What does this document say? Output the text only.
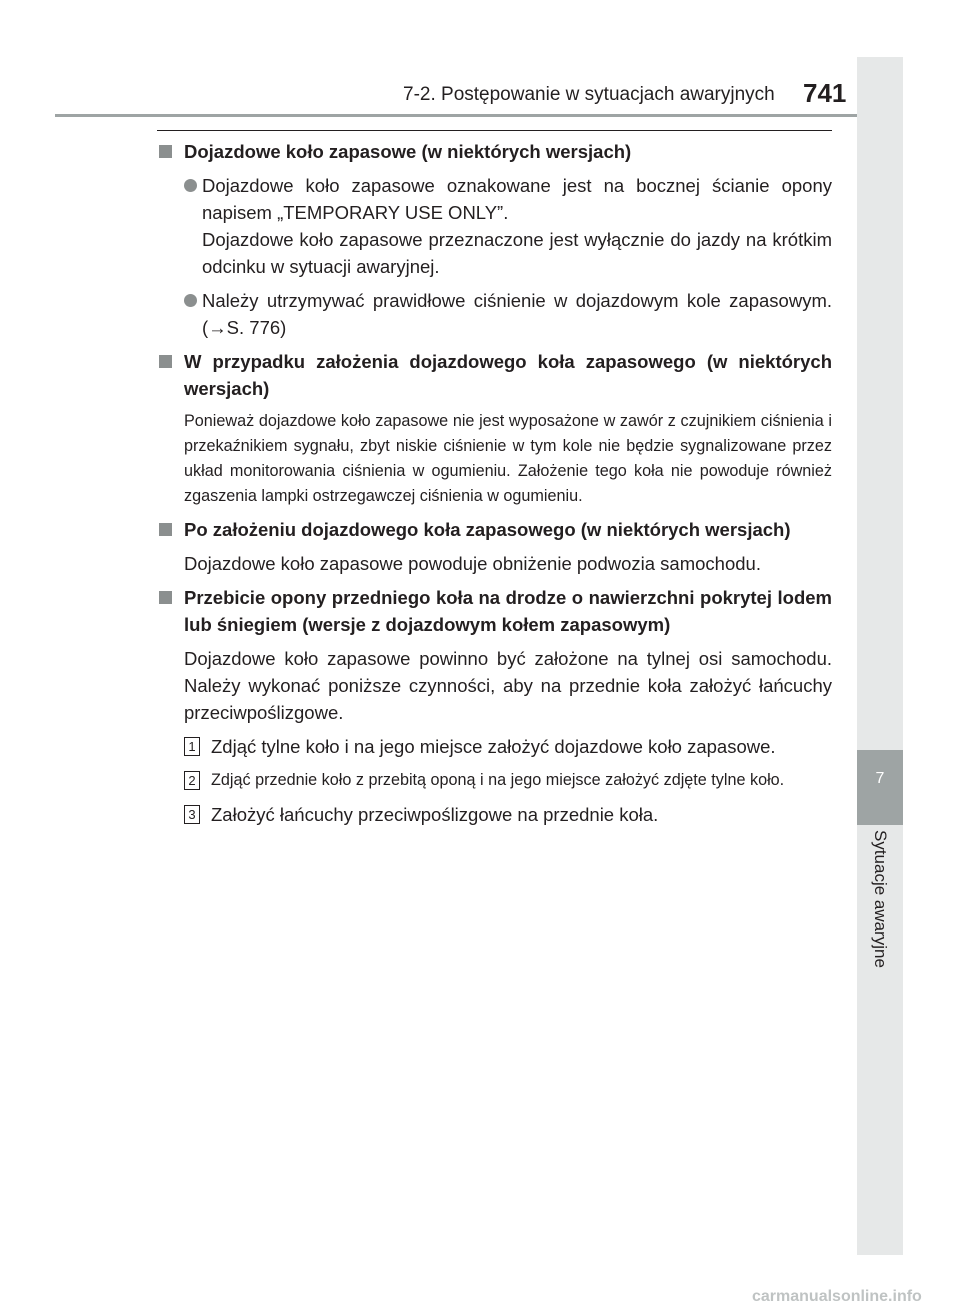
7-2. Postępowanie w sytuacjach awaryjnych 741
7
Sytuacje awaryjne
Dojazdowe koło zapasowe (w niektórych wersjach)
Dojazdowe koło zapasowe oznakowane jest na bocznej ścianie opony napisem „TEMPORARY USE ONLY”.
Dojazdowe koło zapasowe przeznaczone jest wyłącznie do jazdy na krótkim odcinku w sytuacji awaryjnej.
Należy utrzymywać prawidłowe ciśnienie w dojazdowym kole zapasowym. (→S. 776)
W przypadku założenia dojazdowego koła zapasowego (w niektórych wersjach)
Ponieważ dojazdowe koło zapasowe nie jest wyposażone w zawór z czujnikiem ciśnienia i przekaźnikiem sygnału, zbyt niskie ciśnienie w tym kole nie będzie sygnalizowane przez układ monitorowania ciśnienia w ogumieniu. Założenie tego koła nie powoduje również zgaszenia lampki ostrzegawczej ciśnienia w ogumieniu.
Po założeniu dojazdowego koła zapasowego (w niektórych wersjach)
Dojazdowe koło zapasowe powoduje obniżenie podwozia samochodu.
Przebicie opony przedniego koła na drodze o nawierzchni pokrytej lodem lub śniegiem (wersje z dojazdowym kołem zapasowym)
Dojazdowe koło zapasowe powinno być założone na tylnej osi samochodu. Należy wykonać poniższe czynności, aby na przednie koła założyć łańcuchy przeciwpoślizgowe.
1 Zdjąć tylne koło i na jego miejsce założyć dojazdowe koło zapasowe.
2 Zdjąć przednie koło z przebitą oponą i na jego miejsce założyć zdjęte tylne koło.
3 Założyć łańcuchy przeciwpoślizgowe na przednie koła.
carmanualsonline.info
